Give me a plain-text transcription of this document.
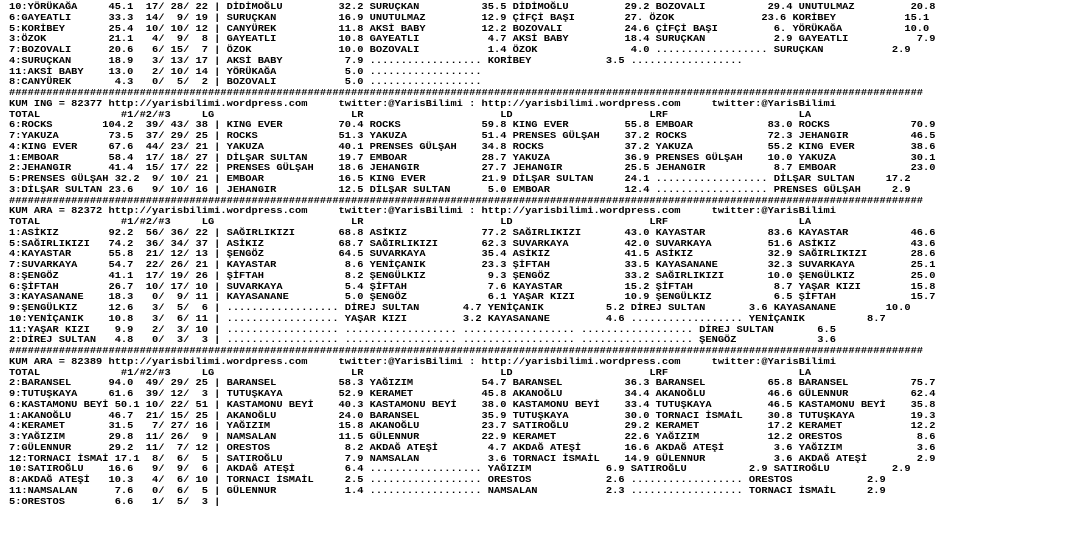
10:YÖRÜKAĞA     45.1  17/ 28/ 22 | DİDİMOĞLU         32.2 SURUÇKAN          35.5 DİDİMOĞLU         29.2 BOZOVALI          29.4 UNUTULMAZ         20.8
6:GAYEATLI      33.3  14/  9/ 19 | SURUÇKAN          16.9 UNUTULMAZ         12.9 ÇİFÇİ BAŞI        27. ÖZOK              23.6 KORİBEY           15.1
5:KORİBEY       25.4  10/ 10/ 12 | CANYÜREK          11.8 AKSİ BABY         12.2 BOZOVALI          24.6 ÇİFÇİ BAŞI         6. YÖRÜKAĞA          10.0
3:ÖZOK          21.1   4/  9/  8 | GAYEATLI          10.8 GAYEATLI           4.7 AKSİ BABY         18.4 SURUÇKAN           2.9 GAYEATLI           7.9
7:BOZOVALI      20.6   6/ 15/  7 | ÖZOK              10.0 BOZOVALI           1.4 ÖZOK               4.0 .................. SURUÇKAN           2.9
4:SURUÇKAN      18.9   3/ 13/ 17 | AKSİ BABY          7.9 .................. KORİBEY            3.5 ..................
11:AKSİ BABY    13.0   2/ 10/ 14 | YÖRÜKAĞA           5.0 ..................
8:CANYÜREK       4.3   0/  5/  2 | BOZOVALI           5.0 ..................
###################################################################################################################################################
KUM ING = 82377 http://yarisbilimi.wordpress.com     twitter:@YarisBilimi : http://yarisbilimi.wordpress.com     twitter:@YarisBilimi
TOTAL             #1/#2/#3     LG                      LR                      LD                      LRF                     LA
6:ROCKS        104.2  39/ 43/ 38 | KING EVER         70.4 ROCKS             59.8 KING EVER         55.8 EMBOAR            83.0 ROCKS             70.9
7:YAKUZA        73.5  37/ 29/ 25 | ROCKS             51.3 YAKUZA            51.4 PRENSES GÜLŞAH    37.2 ROCKS             72.3 JEHANGIR          46.5
4:KING EVER     67.6  44/ 23/ 21 | YAKUZA            40.1 PRENSES GÜLŞAH    34.8 ROCKS             37.2 YAKUZA            55.2 KING EVER         38.6
1:EMBOAR        58.4  17/ 18/ 27 | DİLŞAR SULTAN     19.7 EMBOAR            28.7 YAKUZA            36.9 PRENSES GÜLŞAH    10.0 YAKUZA            30.1
2:JEHANGIR      41.4  15/ 17/ 22 | PRENSES GÜLŞAH    18.6 JEHANGIR          27.7 JEHANGIR          25.5 JEHANGIR           8.7 EMBOAR            23.0
5:PRENSES GÜLŞAH 32.2  9/ 10/ 21 | EMBOAR            16.5 KING EVER         21.9 DİLŞAR SULTAN     24.1 .................. DİLŞAR SULTAN     17.2
3:DİLŞAR SULTAN 23.6   9/ 10/ 16 | JEHANGIR          12.5 DİLŞAR SULTAN      5.0 EMBOAR            12.4 .................. PRENSES GÜLŞAH     2.9
###################################################################################################################################################
KUM ARA = 82372 http://yarisbilimi.wordpress.com     twitter:@YarisBilimi : http://yarisbilimi.wordpress.com     twitter:@YarisBilimi
TOTAL             #1/#2/#3     LG                      LR                      LD                      LRF                     LA
1:ASİKIZ        92.2  56/ 36/ 22 | SAĞIRLIKIZI       68.8 ASİKIZ            77.2 SAĞIRLIKIZI       43.0 KAYASTAR          83.6 KAYASTAR          46.6
5:SAĞIRLIKIZI   74.2  36/ 34/ 37 | ASİKIZ            68.7 SAĞIRLIKIZI       62.3 SUVARKAYA         42.0 SUVARKAYA         51.6 ASİKIZ            43.6
4:KAYASTAR      55.8  21/ 12/ 13 | ŞENGÖZ            64.5 SUVARKAYA         35.4 ASİKIZ            41.5 ASİKIZ            32.9 SAĞIRLIKIZI       28.6
7:SUVARKAYA     54.7  22/ 26/ 21 | KAYASTAR           8.6 YENİÇANIK         23.3 ŞİFTAH            33.5 KAYASANANE        32.3 SUVARKAYA         25.1
8:ŞENGÖZ        41.1  17/ 19/ 26 | ŞİFTAH             8.2 ŞENGÜLKIZ          9.3 ŞENGÖZ            33.2 SAĞIRLIKIZI       10.0 ŞENGÜLKIZ         25.0
6:ŞİFTAH        26.7  10/ 17/ 10 | SUVARKAYA          5.4 ŞİFTAH             7.6 KAYASTAR          15.2 ŞİFTAH             8.7 YAŞAR KIZI        15.8
3:KAYASANANE    18.3   0/  9/ 11 | KAYASANANE         5.0 ŞENGÖZ             6.1 YAŞAR KIZI        10.9 ŞENGÜLKIZ          6.5 ŞİFTAH            15.7
9:ŞENGÜLKIZ     12.6   3/  5/  6 | .................. DİREJ SULTAN       4.7 YENİÇANIK          5.2 DİREJ SULTAN       3.6 KAYASANANE        10.0
10:YENİÇANIK    10.8   3/  6/ 11 | .................. YAŞAR KIZI         3.2 KAYASANANE         4.6 .................. YENİÇANIK          8.7
11:YAŞAR KIZI    9.9   2/  3/ 10 | .................. .................. .................. .................. DİREJ SULTAN       6.5
2:DİREJ SULTAN   4.8   0/  3/  3 | .................. .................. .................. .................. ŞENGÖZ             3.6
###################################################################################################################################################
KUM ARA = 82389 http://yarisbilimi.wordpress.com     twitter:@YarisBilimi : http://yarisbilimi.wordpress.com     twitter:@YarisBilimi
TOTAL             #1/#2/#3     LG                      LR                      LD                      LRF                     LA
2:BARANSEL      94.0  49/ 29/ 25 | BARANSEL          58.3 YAĞIZIM           54.7 BARANSEL          36.3 BARANSEL          65.8 BARANSEL          75.7
9:TUTUŞKAYA     61.6  39/ 12/  3 | TUTUŞKAYA         52.9 KERAMET           45.8 AKANOĞLU          34.4 AKANOĞLU          46.6 GÜLENNUR          62.4
6:KASTAMONU BEYİ 50.1 10/ 22/ 51 | KASTAMONU BEYİ    40.3 KASTAMONU BEYİ    38.0 KASTAMONU BEYİ    33.4 TUTUŞKAYA         46.5 KASTAMONU BEYİ    35.8
1:AKANOĞLU      46.7  21/ 15/ 25 | AKANOĞLU          24.0 BARANSEL          35.9 TUTUŞKAYA         30.0 TORNACI İSMAİL    30.8 TUTUŞKAYA         19.3
4:KERAMET       31.5   7/ 27/ 16 | YAĞIZIM           15.8 AKANOĞLU          23.7 SATIROĞLU         29.2 KERAMET           17.2 KERAMET           12.2
3:YAĞIZIM       29.8  11/ 26/  9 | NAMSALAN          11.5 GÜLENNUR          22.9 KERAMET           22.6 YAĞIZIM           12.2 ORESTOS            8.6
7:GÜLENNUR      29.2  11/  7/ 12 | ORESTOS            8.2 AKDAĞ ATEŞİ        4.7 AKDAĞ ATEŞİ       16.6 AKDAĞ ATEŞİ        3.6 YAĞIZIM            3.6
12:TORNACI İSMAİ 17.1  8/  6/  5 | SATIROĞLU          7.9 NAMSALAN           3.6 TORNACI İSMAİL    14.9 GÜLENNUR           3.6 AKDAĞ ATEŞİ        2.9
10:SATIROĞLU    16.6   9/  9/  6 | AKDAĞ ATEŞİ        6.4 .................. YAĞIZIM            6.9 SATIROĞLU          2.9 SATIROĞLU          2.9
8:AKDAĞ ATEŞİ   10.3   4/  6/ 10 | TORNACI İSMAİL     2.5 .................. ORESTOS            2.6 .................. ORESTOS            2.9
11:NAMSALAN      7.6   0/  6/  5 | GÜLENNUR           1.4 .................. NAMSALAN           2.3 .................. TORNACI İSMAİL     2.9
5:ORESTOS        6.6   1/  5/  3 |
